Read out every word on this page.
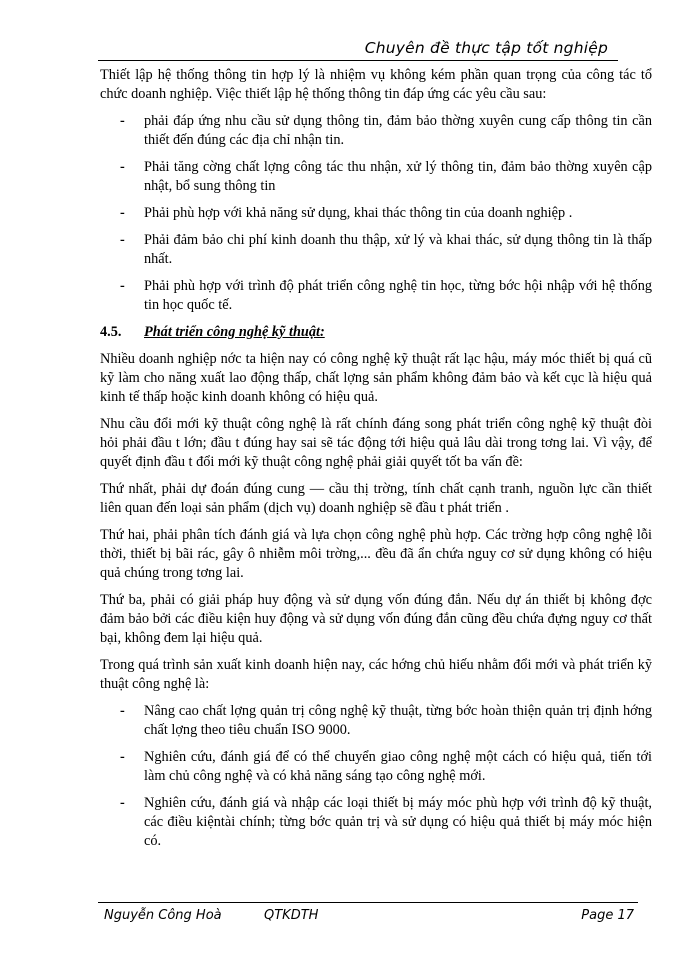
Chuyên đề thực tập tốt nghiệp

Thiết lập hệ thống thông tin hợp lý là nhiệm vụ không kém phần quan trọng của công tác tổ chức doanh nghiệp. Việc thiết lập hệ thống thông tin đáp ứng các yêu cầu sau:

- phải đáp ứng nhu cầu sử dụng thông tin, đảm bảo thờng xuyên cung cấp thông tin cần thiết đến đúng các địa chỉ nhận tin.
- Phải tăng cờng chất lợng công tác thu nhận, xử lý thông tin, đảm bảo thờng xuyên cập nhật, bổ sung thông tin
- Phải phù hợp với khả năng sử dụng, khai thác thông tin của doanh nghiệp .
- Phải đảm bảo chi phí kinh doanh thu thập, xử lý và khai thác, sử dụng thông tin là thấp nhất.
- Phải phù hợp với trình độ phát triển công nghệ tin học, từng bớc hội nhập với hệ thống tin học quốc tế.
4.5. Phát triển công nghệ kỹ thuật:

Nhiều doanh nghiệp nớc ta hiện nay có công nghệ kỹ thuật rất lạc hậu, máy móc thiết bị quá cũ kỹ làm cho năng xuất lao động thấp, chất lợng sản phẩm không đảm bảo và kết cục là hiệu quả kinh tế thấp hoặc kinh doanh không có hiệu quả.

Nhu cầu đổi mới kỹ thuật công nghệ là rất chính đáng song phát triển công nghệ kỹ thuật đòi hỏi phải đầu t lớn; đầu t đúng hay sai sẽ tác động tới hiệu quả lâu dài trong tơng lai. Vì vậy, để quyết định đầu t đổi mới kỹ thuật công nghệ phải giải quyết tốt ba vấn đề:

Thứ nhất, phải dự đoán đúng cung — cầu thị trờng, tính chất cạnh tranh, nguồn lực cần thiết liên quan đến loại sản phẩm (dịch vụ) doanh nghiệp sẽ đầu t phát triển .

Thứ hai, phải phân tích đánh giá và lựa chọn công nghệ phù hợp. Các trờng hợp công nghệ lỗi thời, thiết bị bãi rác, gây ô nhiễm môi trờng,... đều đã ẩn chứa nguy cơ sử dụng không có hiệu quả chúng trong tơng lai.

Thứ ba, phải có giải pháp huy động và sử dụng vốn đúng đắn. Nếu dự án thiết bị không đợc đảm bảo bởi các điều kiện huy động và sử dụng vốn đúng đắn cũng đều chứa đựng nguy cơ thất bại, không đem lại hiệu quả.

Trong quá trình sản xuất kinh doanh hiện nay, các hớng chủ hiếu nhằm đổi mới và phát triển kỹ thuật công nghệ là:

- Nâng cao chất lợng quản trị công nghệ kỹ thuật, từng bớc hoàn thiện quản trị định hớng chất lợng theo tiêu chuẩn ISO 9000.
- Nghiên cứu, đánh giá để có thể chuyển giao công nghệ một cách có hiệu quả, tiến tới làm chủ công nghệ và có khả năng sáng tạo công nghệ mới.
- Nghiên cứu, đánh giá và nhập các loại thiết bị máy móc phù hợp với trình độ kỹ thuật, các điều kiệntài chính; từng bớc quản trị và sử dụng có hiệu quả thiết bị máy móc hiện có.
Nguyễn Công Hoà	QTKDTH	Page 17
